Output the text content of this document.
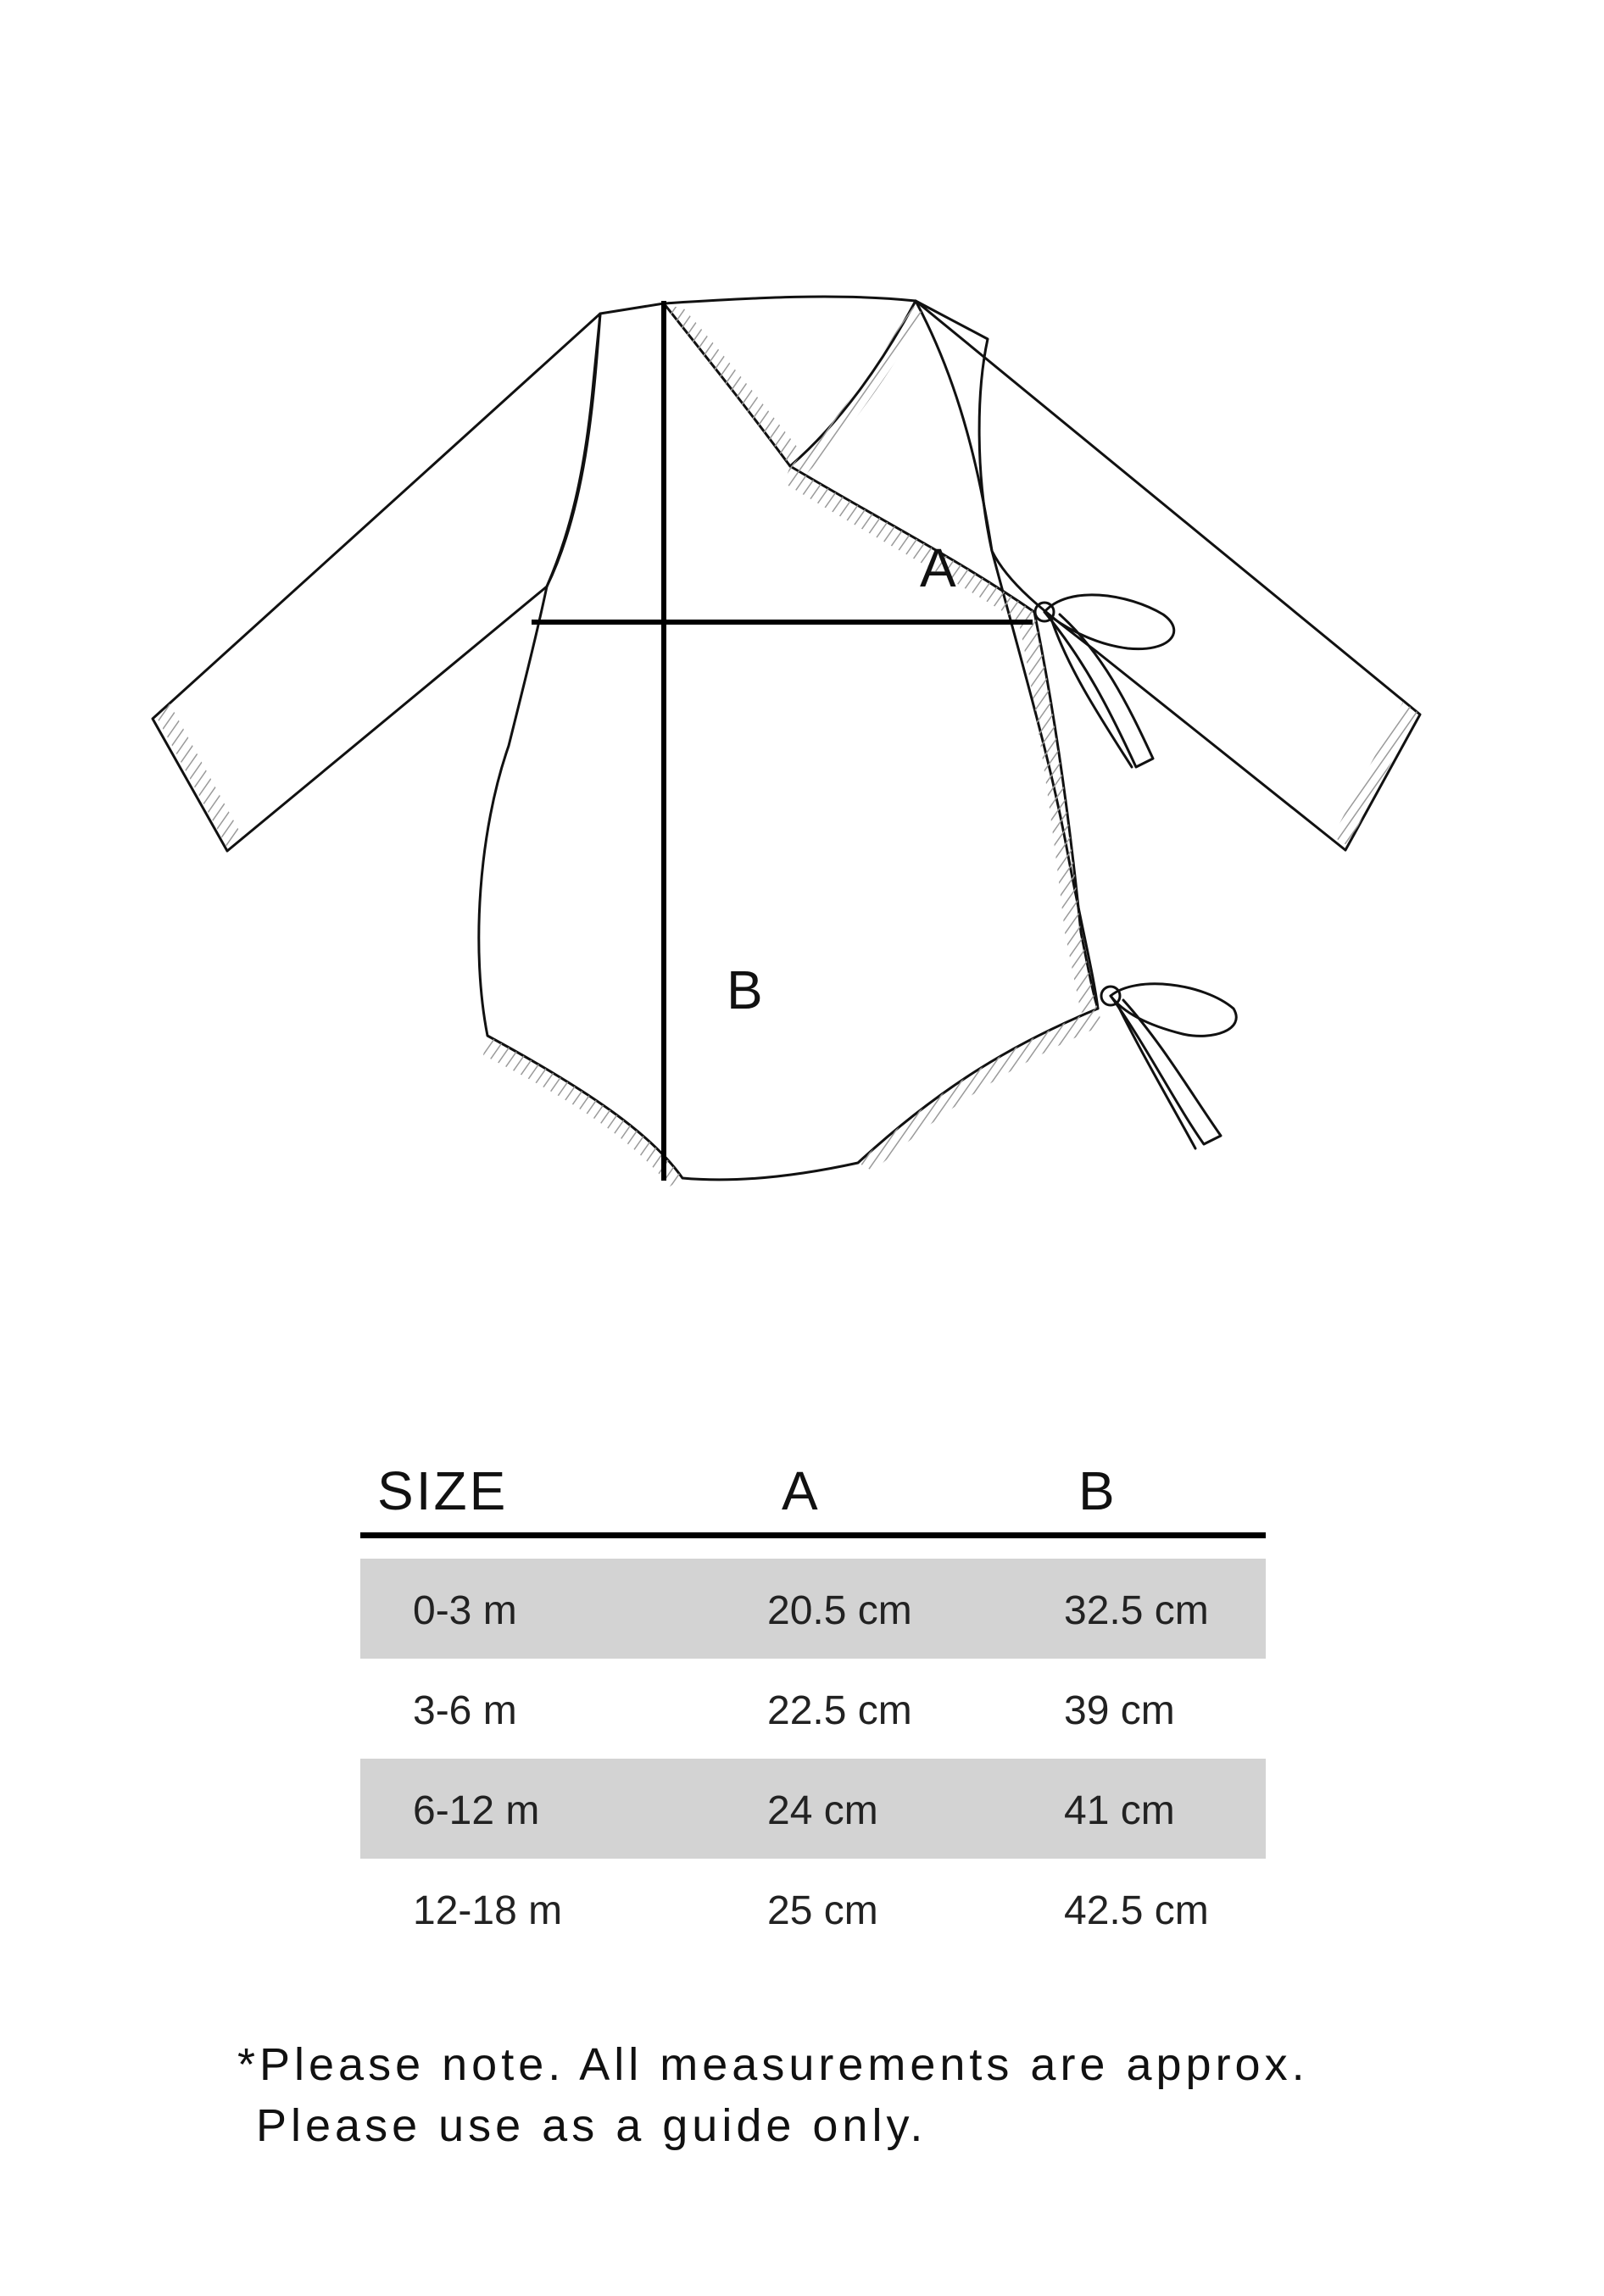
A
B
SIZE	A	B
0-3 m	20.5 cm	32.5 cm
3-6 m	22.5 cm	39 cm
6-12 m	24 cm	41 cm
12-18 m	25 cm	42.5 cm
*Please note. All measurements are approx.
Please use as a guide only.
